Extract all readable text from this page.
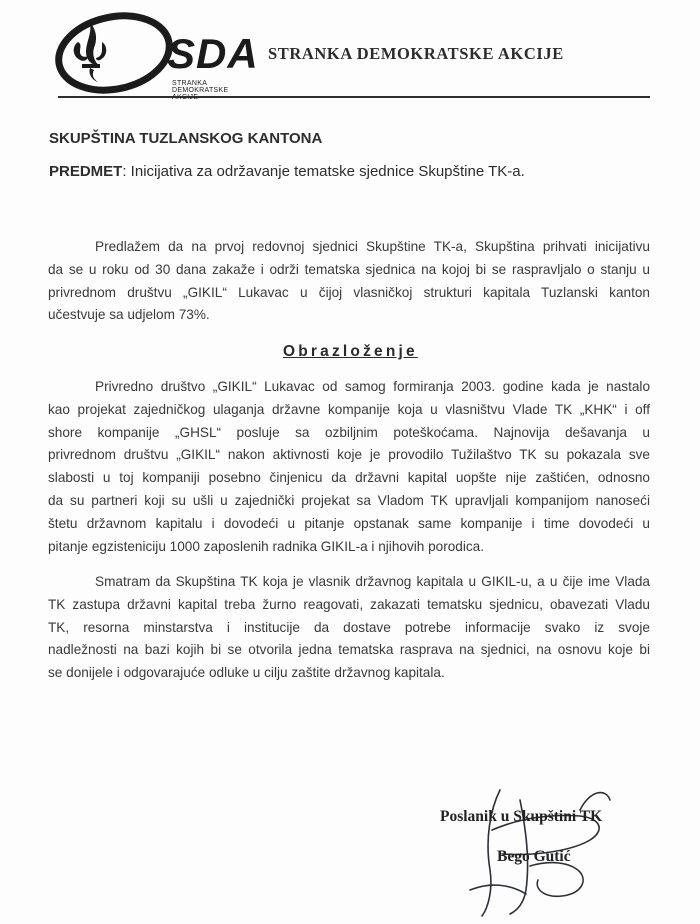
SDA
STRANKA DEMOKRATSKE
STRANKA DEMOKRATSKE AKCIJE
SKUPŠTINA TUZLANSKOG KANTONA
PREDMET: Inicijativa za održavanje tematske sjednice Skupštine TK-a.
Predlažem da na prvoj redovnoj sjednici Skupštine TK-a, Skupština prihvati inicijativu
da se u roku od 30 dana zakaže i održi tematska sjednica na kojoj bi se raspravljalo o stanju u
privrednom društvu „GIKIL“ Lukavac u čijoj vlasničkoj strukturi kapitala Tuzlanski kanton
učestvuje sa udjelom 73%.
Obrazloženje
Privredno društvo „GIKIL“ Lukavac od samog formiranja 2003. godine kada je nastalo
kao projekat zajedničkog ulaganja državne kompanije koja u vlasništvu Vlade TK „KHK“ i off
shore kompanije „GHSL“ posluje sa ozbiljnim poteškoćama. Najnovija dešavanja u
privrednom društvu „GIKIL“ nakon aktivnosti koje je provodilo Tužilaštvo TK su pokazala sve
slabosti u toj kompaniji posebno činjenicu da državni kapital uopšte nije zaštićen, odnosno
da su partneri koji su ušli u zajednički projekat sa Vladom TK upravljali kompanijom nanoseći
štetu državnom kapitalu i dovodeći u pitanje opstanak same kompanije i time dovodeći u
pitanje egzisteniciju 1000 zaposlenih radnika GIKIL-a i njihovih porodica.
Smatram da Skupština TK koja je vlasnik državnog kapitala u GIKIL-u, a u čije ime Vlada
TK zastupa državni kapital treba žurno reagovati, zakazati tematsku sjednicu, obavezati Vladu
TK, resorna minstarstva i institucije da dostave potrebe informacije svako iz svoje
nadležnosti na bazi kojih bi se otvorila jedna tematska rasprava na sjednici, na osnovu koje bi
se donijele i odgovarajuće odluke u cilju zaštite državnog kapitala.
Poslanik u Skupštini TK
Bego Gutić
